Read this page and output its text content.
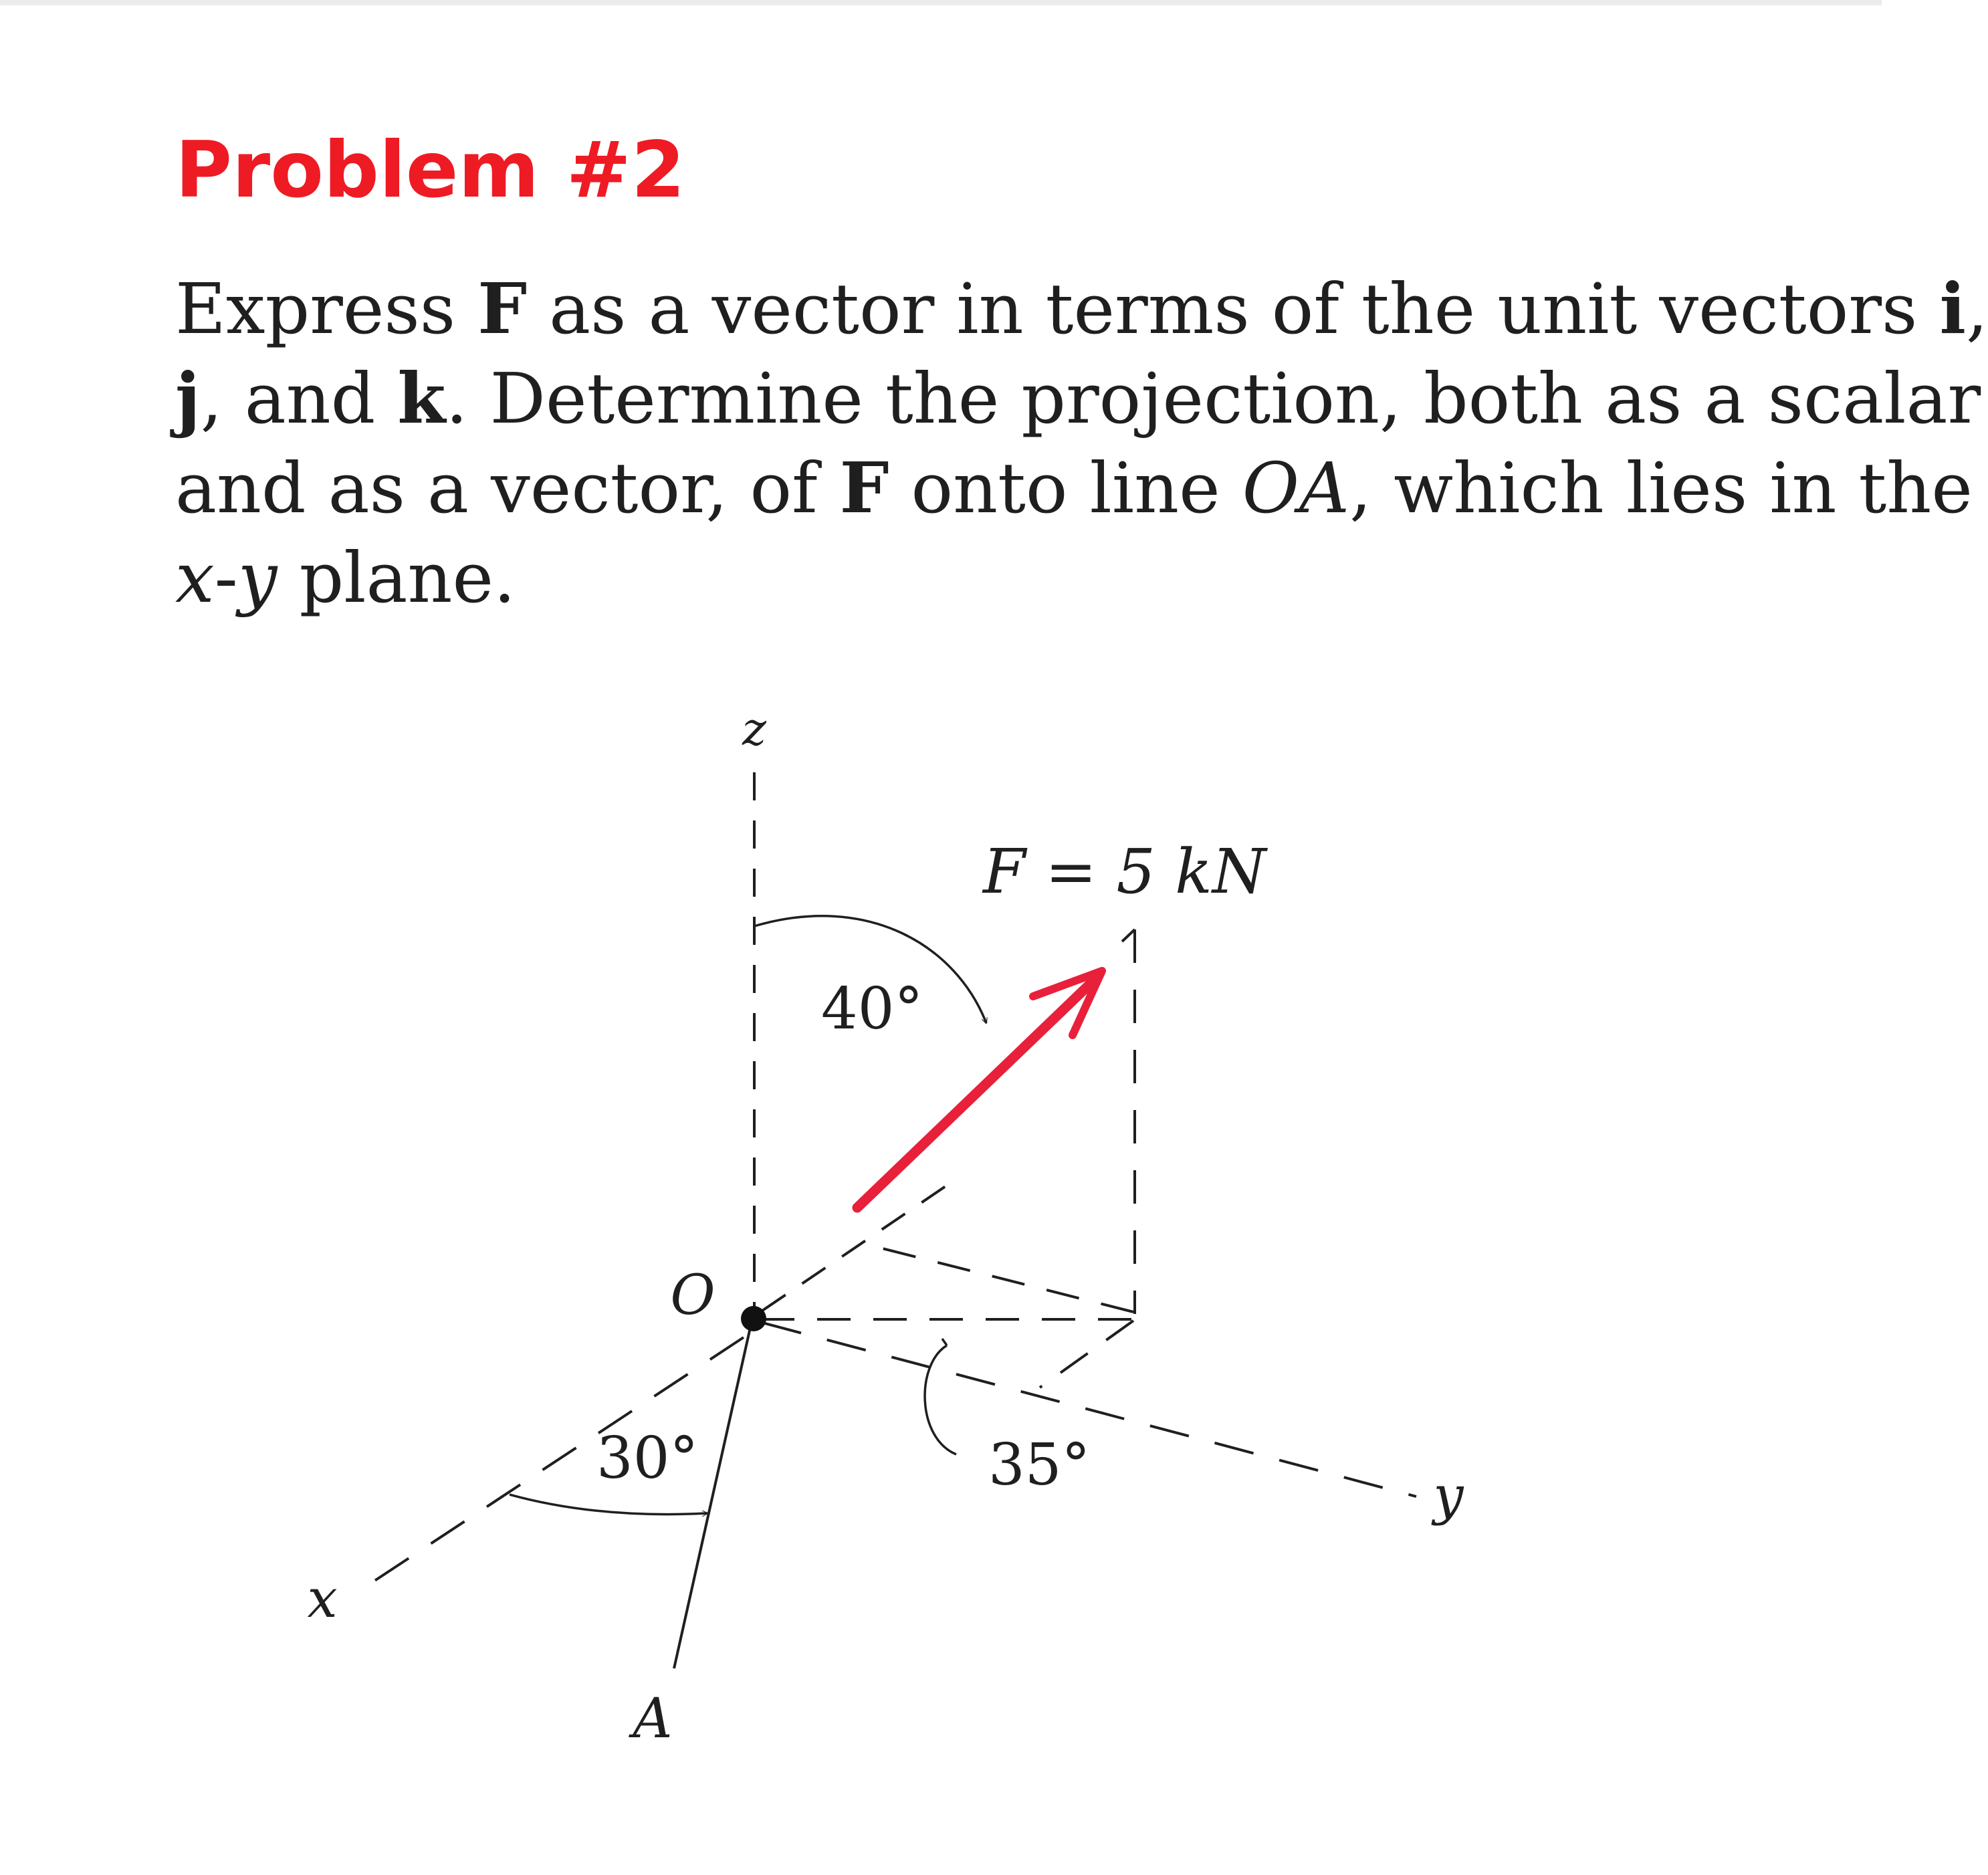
Problem #2
Express F as a vector in terms of the unit vectors i,
j, and k. Determine the projection, both as a scalar
and as a vector, of F onto line OA, which lies in the
x-y plane.
z
x
y
O
A
F = 5 kN
40°
30°	35°
